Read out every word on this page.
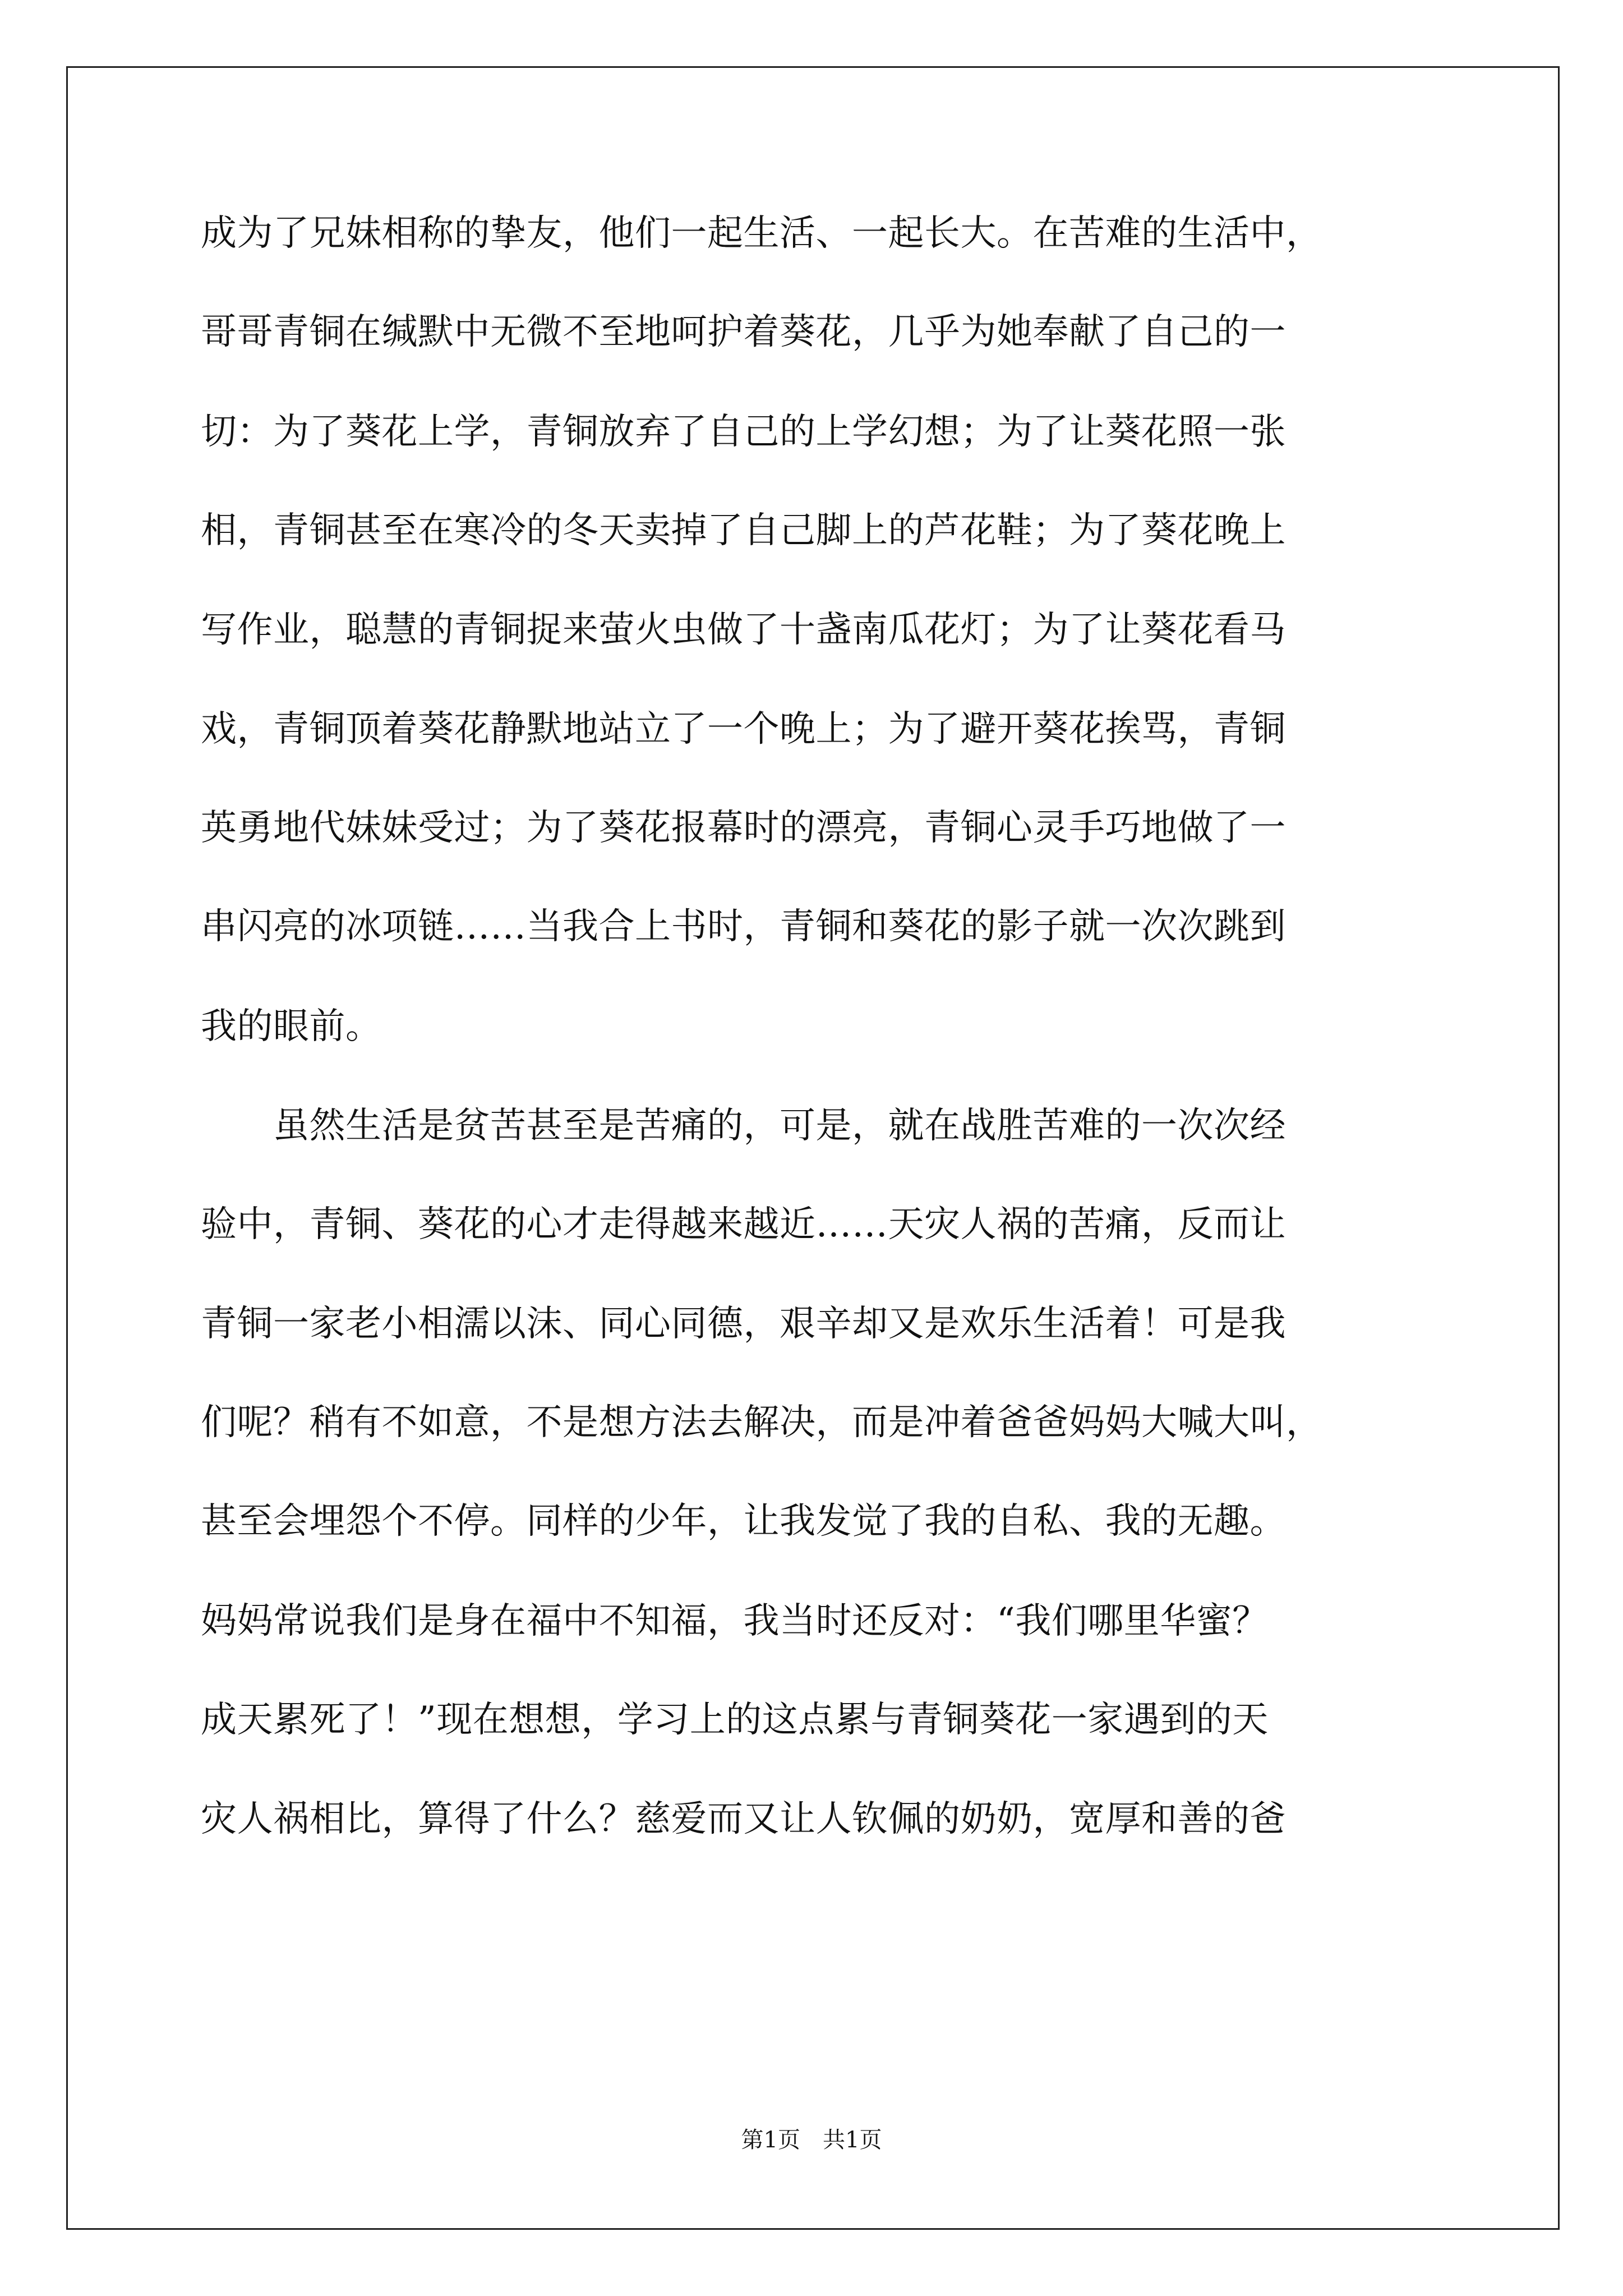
成为了兄妹相称的挚友，他们一起生活、一起长大。在苦难的生活中，
哥哥青铜在缄默中无微不至地呵护着葵花，几乎为她奉献了自己的一
切：为了葵花上学，青铜放弃了自己的上学幻想；为了让葵花照一张
相，青铜甚至在寒冷的冬天卖掉了自己脚上的芦花鞋；为了葵花晚上
写作业，聪慧的青铜捉来萤火虫做了十盏南瓜花灯；为了让葵花看马
戏，青铜顶着葵花静默地站立了一个晚上；为了避开葵花挨骂，青铜
英勇地代妹妹受过；为了葵花报幕时的漂亮，青铜心灵手巧地做了一
串闪亮的冰项链……当我合上书时，青铜和葵花的影子就一次次跳到
我的眼前。
　　虽然生活是贫苦甚至是苦痛的，可是，就在战胜苦难的一次次经
验中，青铜、葵花的心才走得越来越近……天灾人祸的苦痛，反而让
青铜一家老小相濡以沫、同心同德，艰辛却又是欢乐生活着！可是我
们呢？稍有不如意，不是想方法去解决，而是冲着爸爸妈妈大喊大叫，
甚至会埋怨个不停。同样的少年，让我发觉了我的自私、我的无趣。
妈妈常说我们是身在福中不知福，我当时还反对：“我们哪里华蜜？
成天累死了！”现在想想，学习上的这点累与青铜葵花一家遇到的天
灾人祸相比，算得了什么？慈爱而又让人钦佩的奶奶，宽厚和善的爸
第1页 共1页
